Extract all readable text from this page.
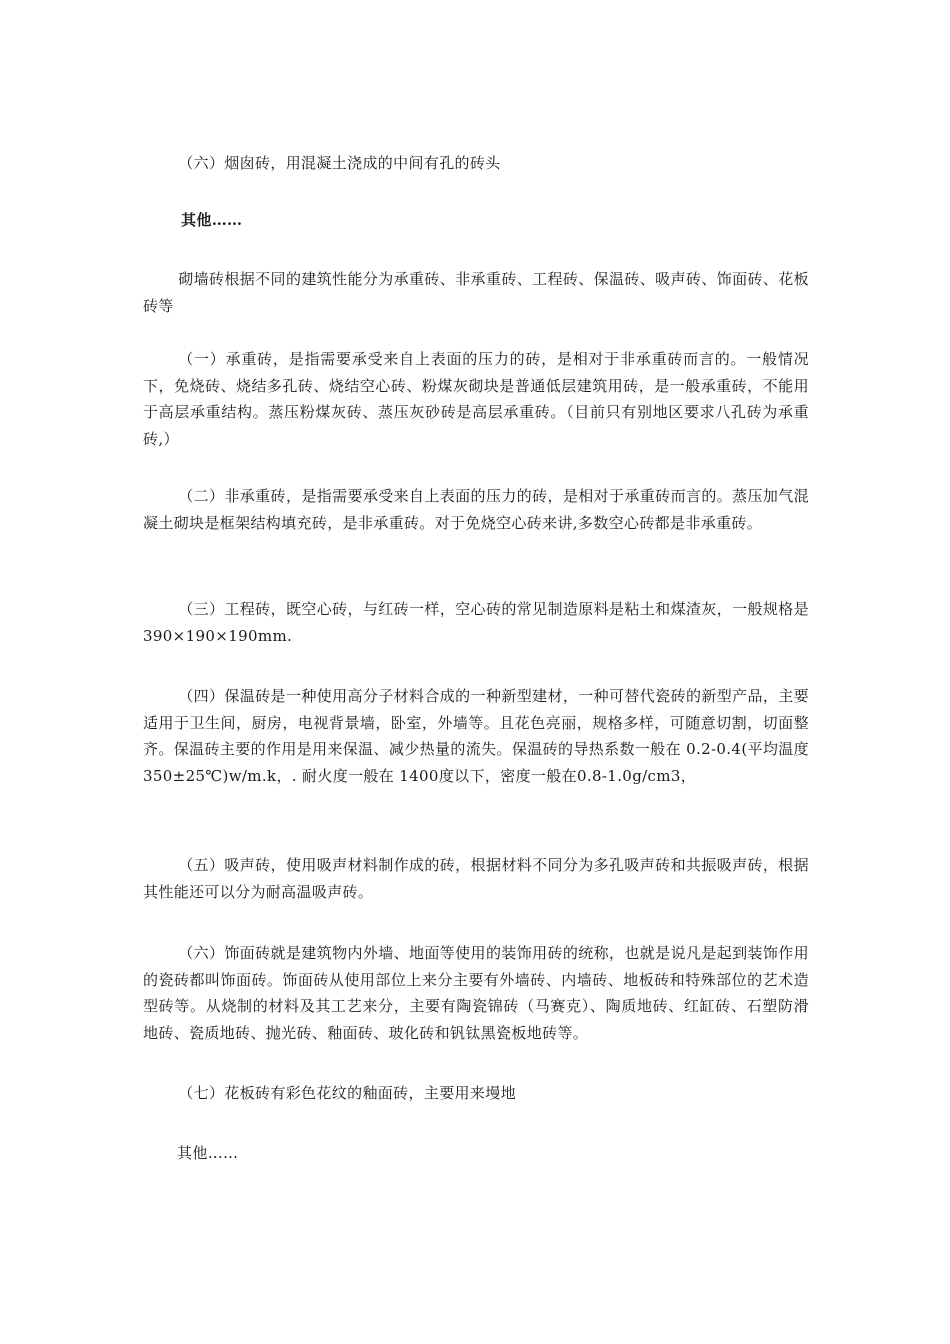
（六）烟囱砖，用混凝土浇成的中间有孔的砖头

其他……

砌墙砖根据不同的建筑性能分为承重砖、非承重砖、工程砖、保温砖、吸声砖、饰面砖、花板砖等

（一）承重砖，是指需要承受来自上表面的压力的砖，是相对于非承重砖而言的。一般情况下，免烧砖、烧结多孔砖、烧结空心砖、粉煤灰砌块是普通低层建筑用砖，是一般承重砖，不能用于高层承重结构。蒸压粉煤灰砖、蒸压灰砂砖是高层承重砖。（目前只有别地区要求八孔砖为承重砖,）

（二）非承重砖，是指需要承受来自上表面的压力的砖，是相对于承重砖而言的。蒸压加气混凝土砌块是框架结构填充砖，是非承重砖。对于免烧空心砖来讲,多数空心砖都是非承重砖。

（三）工程砖，既空心砖，与红砖一样，空心砖的常见制造原料是粘土和煤渣灰，一般规格是 390×190×190mm.

（四）保温砖是一种使用高分子材料合成的一种新型建材，一种可替代瓷砖的新型产品，主要适用于卫生间，厨房，电视背景墙，卧室，外墙等。且花色亮丽，规格多样，可随意切割，切面整齐。保温砖主要的作用是用来保温、减少热量的流失。保温砖的导热系数一般在 0.2-0.4(平均温度 350±25℃)w/m.k，. 耐火度一般在 1400度以下，密度一般在0.8-1.0g/cm3，

（五）吸声砖，使用吸声材料制作成的砖，根据材料不同分为多孔吸声砖和共振吸声砖，根据其性能还可以分为耐高温吸声砖。

（六）饰面砖就是建筑物内外墙、地面等使用的装饰用砖的统称，也就是说凡是起到装饰作用的瓷砖都叫饰面砖。饰面砖从使用部位上来分主要有外墙砖、内墙砖、地板砖和特殊部位的艺术造型砖等。从烧制的材料及其工艺来分，主要有陶瓷锦砖（马赛克）、陶质地砖、红缸砖、石塑防滑地砖、瓷质地砖、抛光砖、釉面砖、玻化砖和钒钛黑瓷板地砖等。

（七）花板砖有彩色花纹的釉面砖，主要用来墁地

其他……
